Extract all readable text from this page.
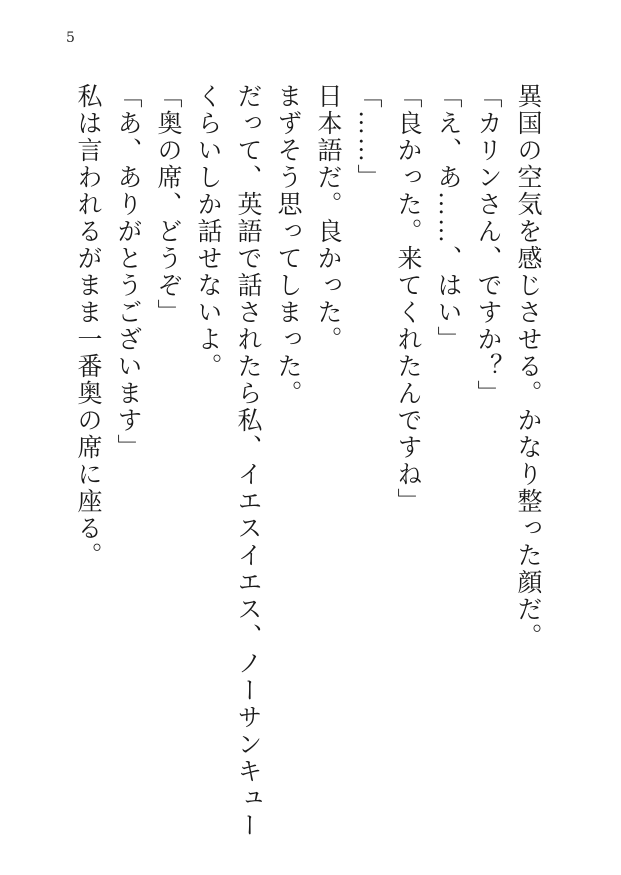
5

異国の空気を感じさせる。かなり整った顔だ。

「カリンさん、ですか？」

「え、あ……、はい」

「良かった。来てくれたんですね」

「……」

日本語だ。良かった。

まずそう思ってしまった。

だって、英語で話されたら私、イエスイエス、ノーサンキュー

くらいしか話せないよ。

「奥の席、どうぞ」

「あ、ありがとうございます」

私は言われるがまま一番奥の席に座る。
